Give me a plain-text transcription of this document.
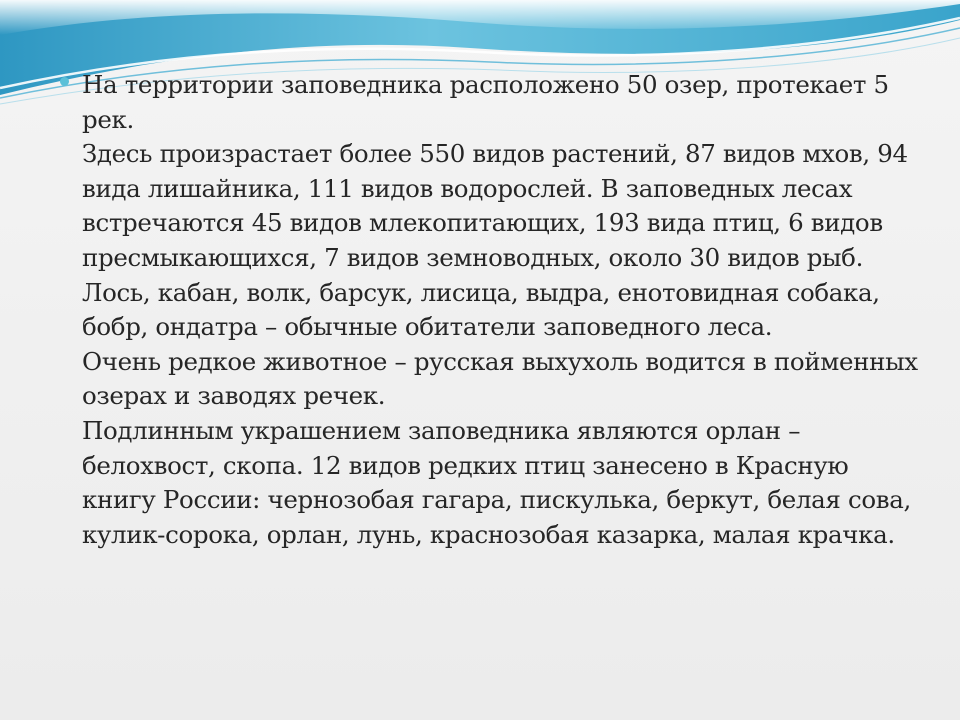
На территории заповедника расположено 50 озер, протекает 5 рек.

Здесь произрастает более 550 видов растений, 87 видов мхов, 94 вида лишайника, 111 видов водорослей. В заповедных лесах встречаются 45 видов млекопитающих, 193 вида птиц, 6 видов пресмыкающихся, 7 видов земноводных, около 30 видов рыб.

Лось, кабан, волк, барсук, лисица, выдра, енотовидная собака, бобр, ондатра – обычные обитатели заповедного леса.

Очень редкое животное – русская выхухоль водится в пойменных озерах и заводях речек.

Подлинным украшением заповедника являются орлан – белохвост, скопа. 12 видов редких птиц занесено в Красную книгу России: чернозобая гагара, пискулька, беркут, белая сова, кулик-сорока, орлан, лунь, краснозобая казарка, малая крачка.
